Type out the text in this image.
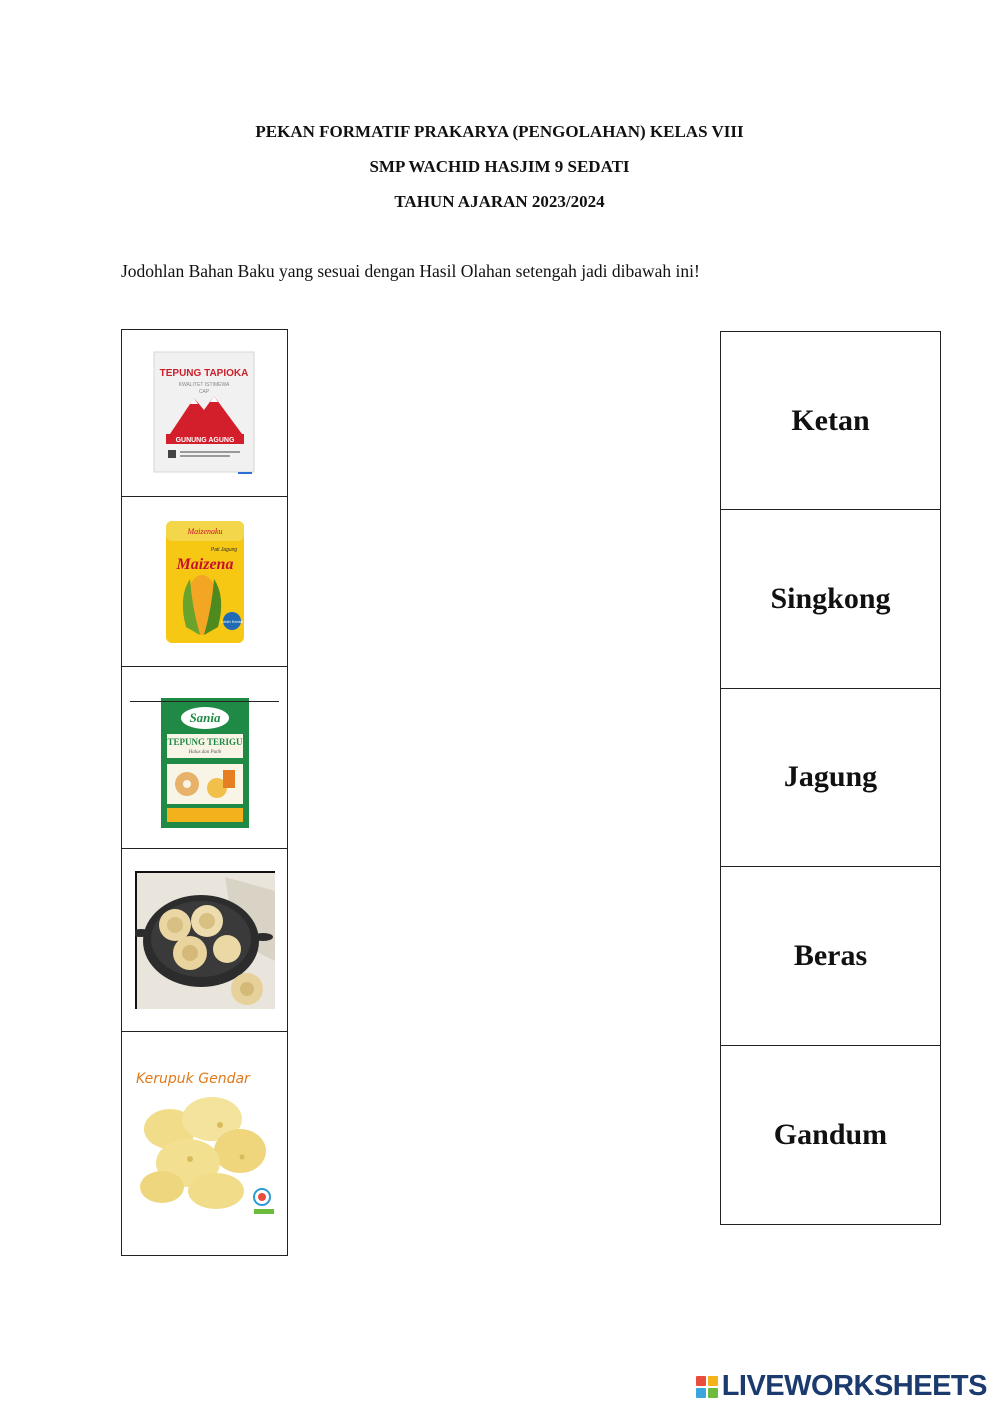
PEKAN FORMATIF PRAKARYA (PENGOLAHAN) KELAS VIII
SMP WACHID HASJIM 9 SEDATI
TAHUN AJARAN 2023/2024
Jodohlan Bahan Baku yang sesuai dengan Hasil Olahan setengah jadi dibawah ini!
TEPUNG TAPIOKA
KWALITET ISTIMEWA
CAP
GUNUNG AGUNG
Maizenaku
Pati Jagung
Maizena
Lebih Kental
Sania
TEPUNG TERIGU
Halus dan Putih
Kerupuk Gendar
Ketan
Singkong
Jagung
Beras
Gandum
LIVEWORKSHEETS
